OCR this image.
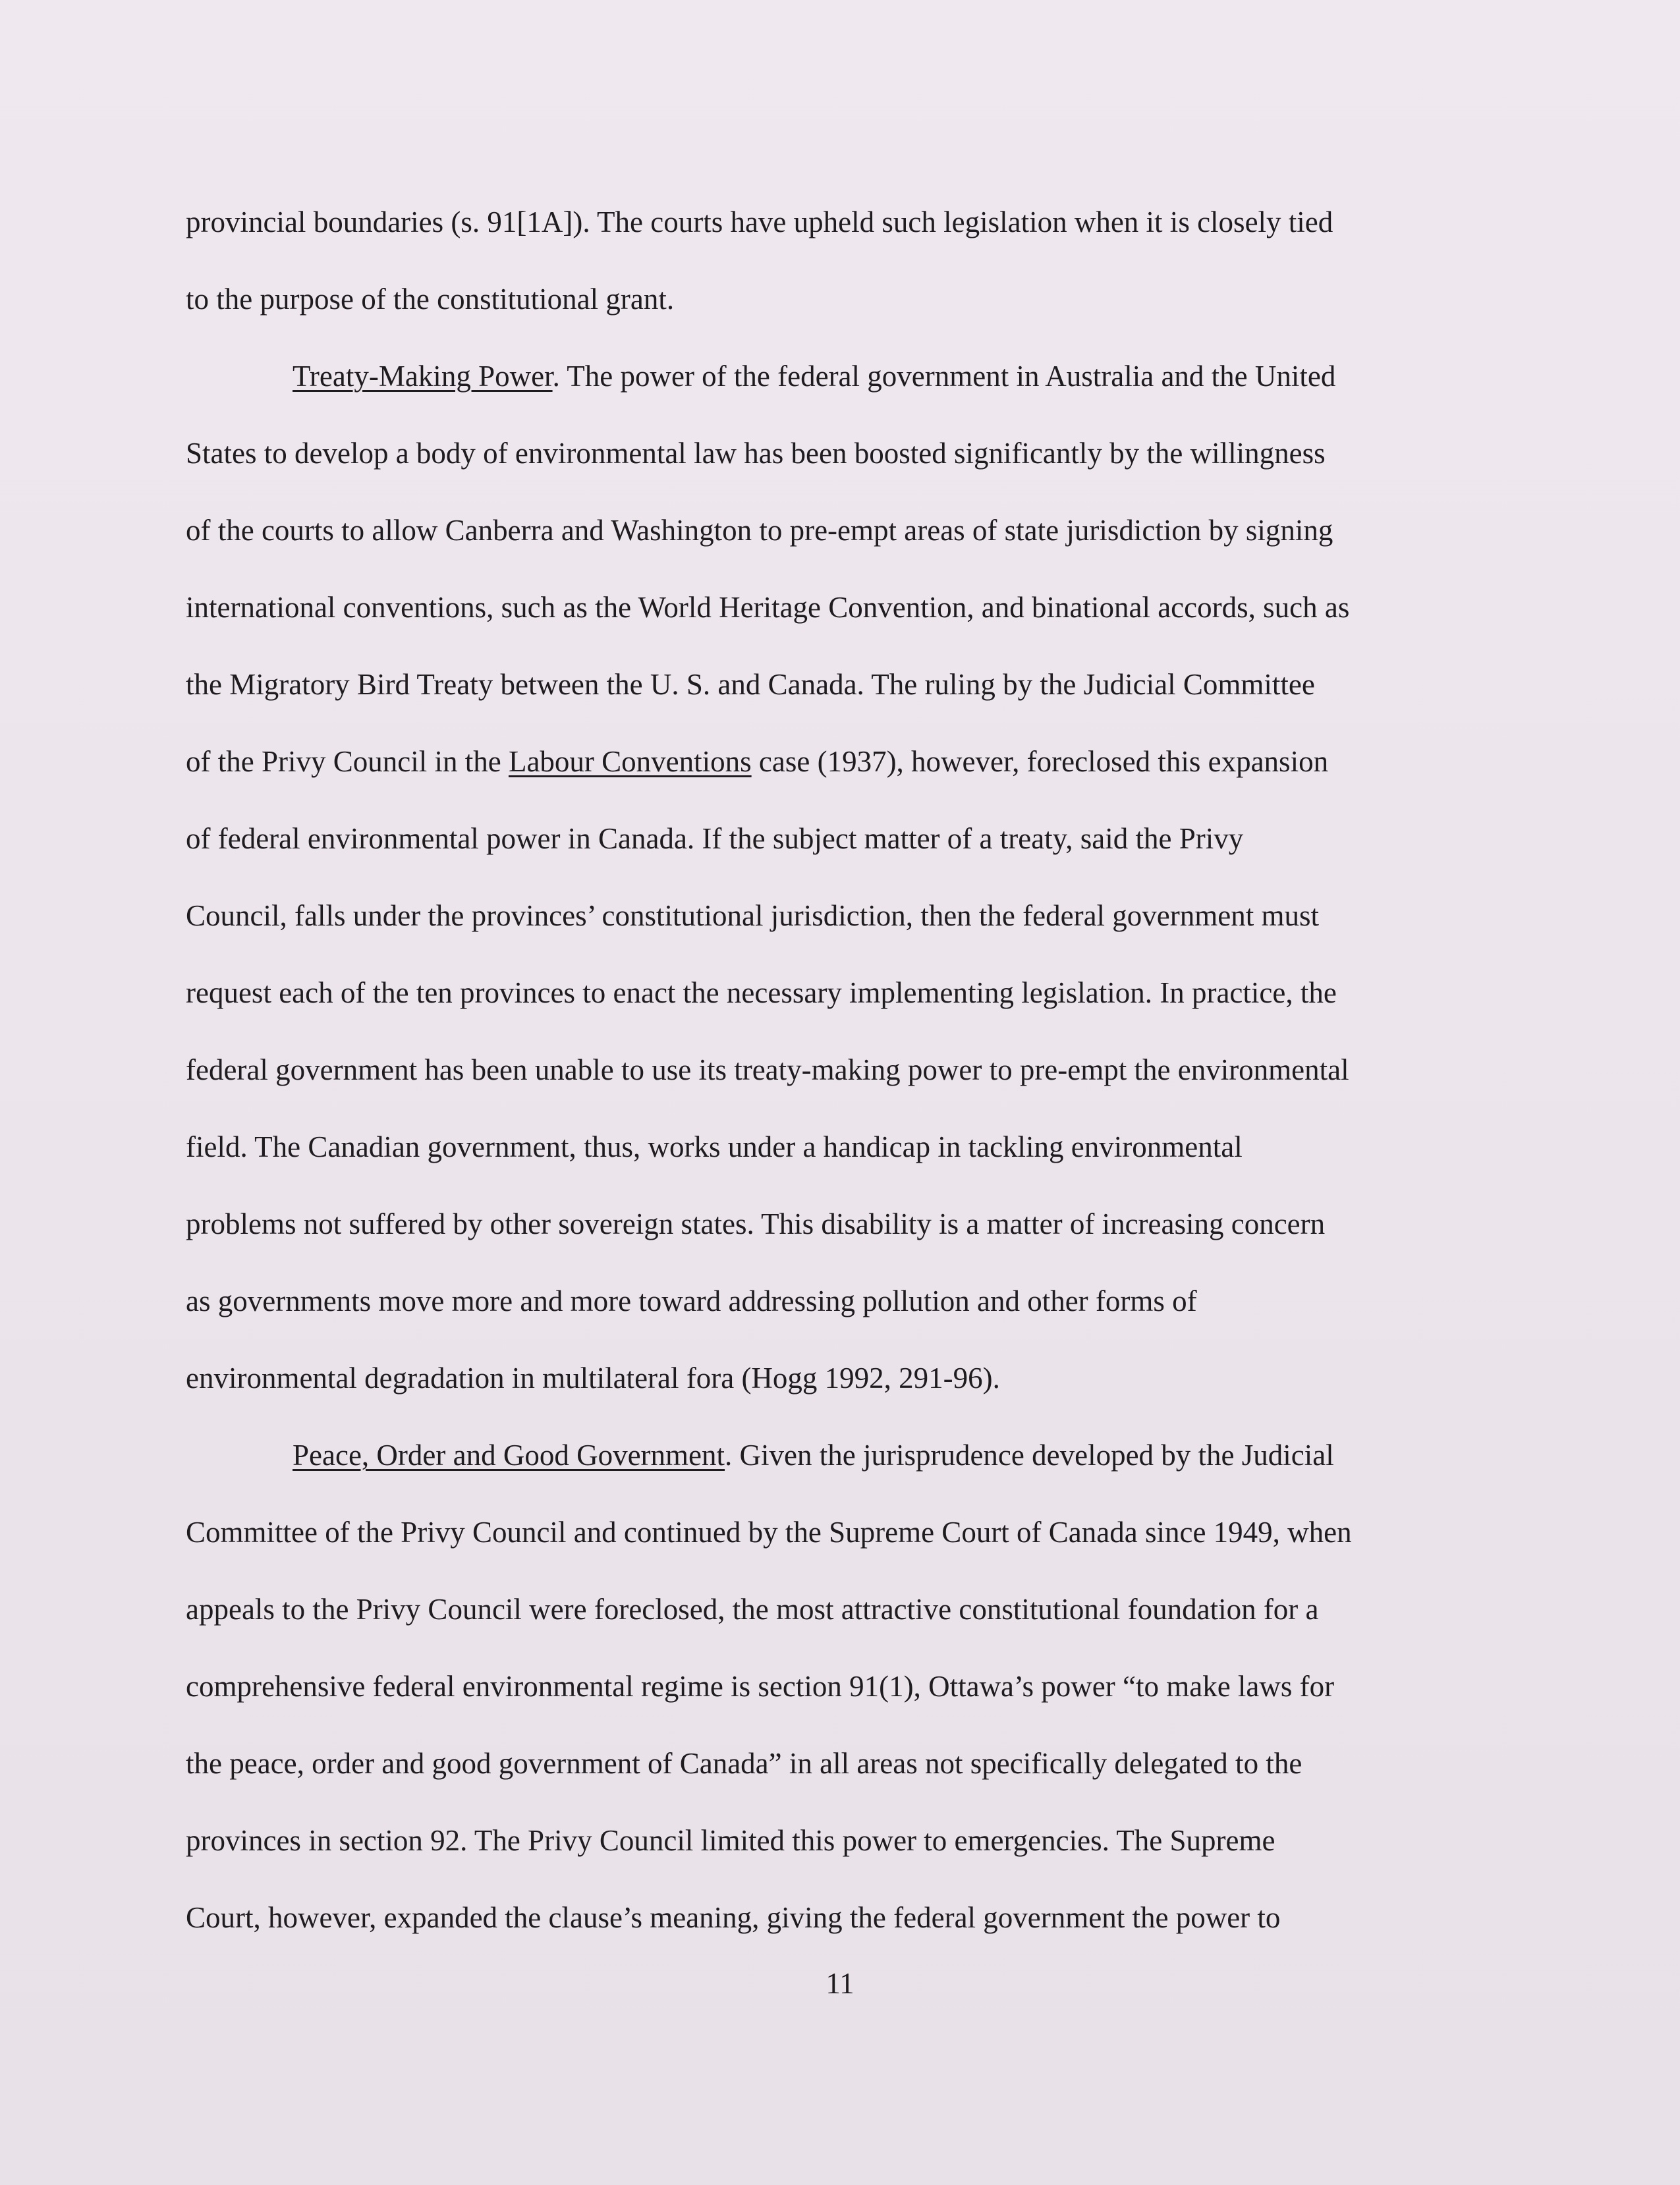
provincial boundaries (s. 91[1A]). The courts have upheld such legislation when it is closely tied
to the purpose of the constitutional grant.
Treaty-Making Power. The power of the federal government in Australia and the United
States to develop a body of environmental law has been boosted significantly by the willingness
of the courts to allow Canberra and Washington to pre-empt areas of state jurisdiction by signing
international conventions, such as the World Heritage Convention, and binational accords, such as
the Migratory Bird Treaty between the U. S. and Canada. The ruling by the Judicial Committee
of the Privy Council in the Labour Conventions case (1937), however, foreclosed this expansion
of federal environmental power in Canada. If the subject matter of a treaty, said the Privy
Council, falls under the provinces’ constitutional jurisdiction, then the federal government must
request each of the ten provinces to enact the necessary implementing legislation. In practice, the
federal government has been unable to use its treaty-making power to pre-empt the environmental
field. The Canadian government, thus, works under a handicap in tackling environmental
problems not suffered by other sovereign states. This disability is a matter of increasing concern
as governments move more and more toward addressing pollution and other forms of
environmental degradation in multilateral fora (Hogg 1992, 291-96).
Peace, Order and Good Government. Given the jurisprudence developed by the Judicial
Committee of the Privy Council and continued by the Supreme Court of Canada since 1949, when
appeals to the Privy Council were foreclosed, the most attractive constitutional foundation for a
comprehensive federal environmental regime is section 91(1), Ottawa’s power “to make laws for
the peace, order and good government of Canada” in all areas not specifically delegated to the
provinces in section 92. The Privy Council limited this power to emergencies. The Supreme
Court, however, expanded the clause’s meaning, giving the federal government the power to
11
